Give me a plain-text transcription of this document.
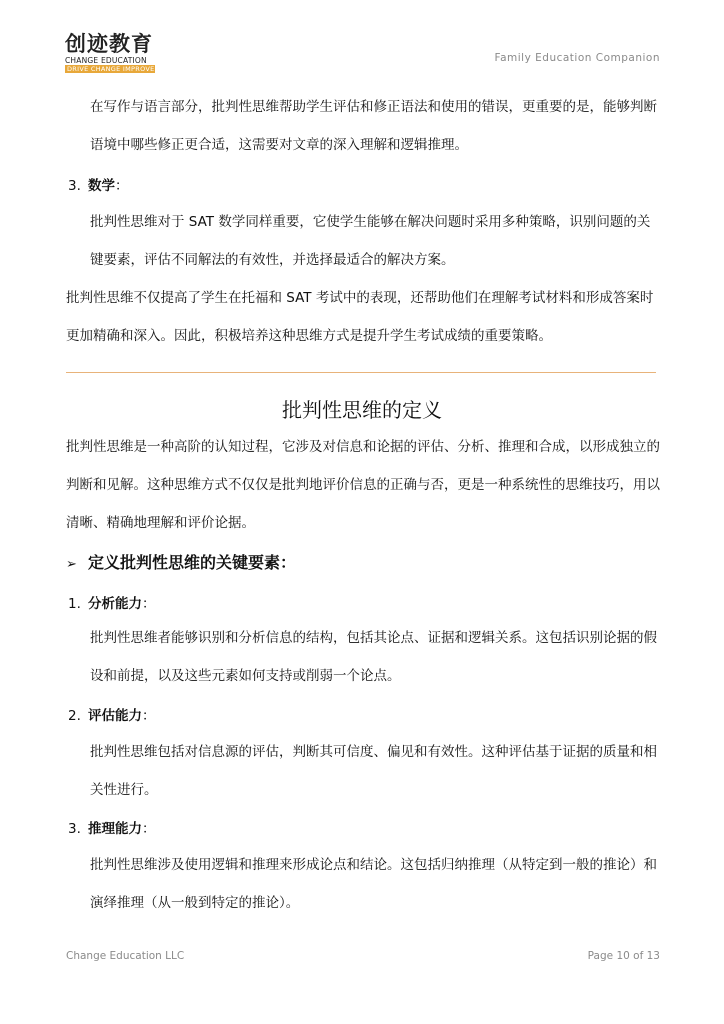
创迹教育
CHANGE EDUCATION
DRIVE CHANGE IMPROVE
Family Education Companion
在写作与语言部分，批判性思维帮助学生评估和修正语法和使用的错误，更重要的是，能够判断语境中哪些修正更合适，这需要对文章的深入理解和逻辑推理。
3. 数学：
批判性思维对于 SAT 数学同样重要，它使学生能够在解决问题时采用多种策略，识别问题的关键要素，评估不同解法的有效性，并选择最适合的解决方案。
批判性思维不仅提高了学生在托福和 SAT 考试中的表现，还帮助他们在理解考试材料和形成答案时更加精确和深入。因此，积极培养这种思维方式是提升学生考试成绩的重要策略。
批判性思维的定义
批判性思维是一种高阶的认知过程，它涉及对信息和论据的评估、分析、推理和合成，以形成独立的判断和见解。这种思维方式不仅仅是批判地评价信息的正确与否，更是一种系统性的思维技巧，用以清晰、精确地理解和评价论据。
➢ 定义批判性思维的关键要素：
1. 分析能力：
批判性思维者能够识别和分析信息的结构，包括其论点、证据和逻辑关系。这包括识别论据的假设和前提，以及这些元素如何支持或削弱一个论点。
2. 评估能力：
批判性思维包括对信息源的评估，判断其可信度、偏见和有效性。这种评估基于证据的质量和相关性进行。
3. 推理能力：
批判性思维涉及使用逻辑和推理来形成论点和结论。这包括归纳推理（从特定到一般的推论）和演绎推理（从一般到特定的推论）。
Change Education LLC	Page 10 of 13
